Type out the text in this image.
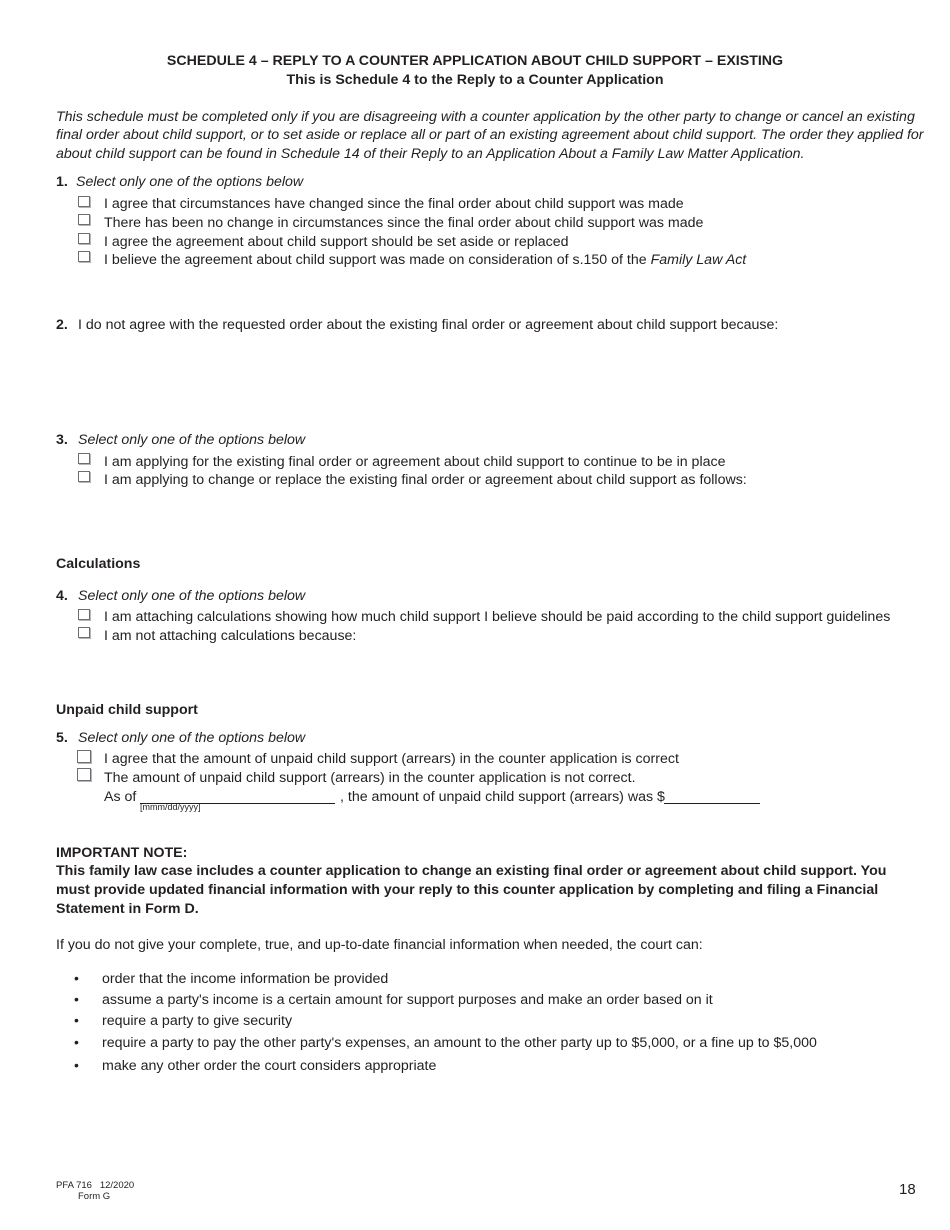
SCHEDULE 4 – REPLY TO A COUNTER APPLICATION ABOUT CHILD SUPPORT – EXISTING
This is Schedule 4 to the Reply to a Counter Application
This schedule must be completed only if you are disagreeing with a counter application by the other party to change or cancel an existing
final order about child support, or to set aside or replace all or part of an existing agreement about child support. The order they applied for
about child support can be found in Schedule 14 of their Reply to an Application About a Family Law Matter Application.
1. Select only one of the options below
I agree that circumstances have changed since the final order about child support was made
There has been no change in circumstances since the final order about child support was made
I agree the agreement about child support should be set aside or replaced
I believe the agreement about child support was made on consideration of s.150 of the Family Law Act
2. I do not agree with the requested order about the existing final order or agreement about child support because:
3. Select only one of the options below
I am applying for the existing final order or agreement about child support to continue to be in place
I am applying to change or replace the existing final order or agreement about child support as follows:
Calculations
4. Select only one of the options below
I am attaching calculations showing how much child support I believe should be paid according to the child support guidelines
I am not attaching calculations because:
Unpaid child support
5. Select only one of the options below
I agree that the amount of unpaid child support (arrears) in the counter application is correct
The amount of unpaid child support (arrears) in the counter application is not correct.
As of
[mmm/dd/yyyy]
, the amount of unpaid child support (arrears) was $
IMPORTANT NOTE:
This family law case includes a counter application to change an existing final order or agreement about child support. You
must provide updated financial information with your reply to this counter application by completing and filing a Financial
Statement in Form D.
If you do not give your complete, true, and up-to-date financial information when needed, the court can:
• order that the income information be provided
• assume a party's income is a certain amount for support purposes and make an order based on it
• require a party to give security
• require a party to pay the other party's expenses, an amount to the other party up to $5,000, or a fine up to $5,000
• make any other order the court considers appropriate
PFA 716   12/2020
Form G	18
